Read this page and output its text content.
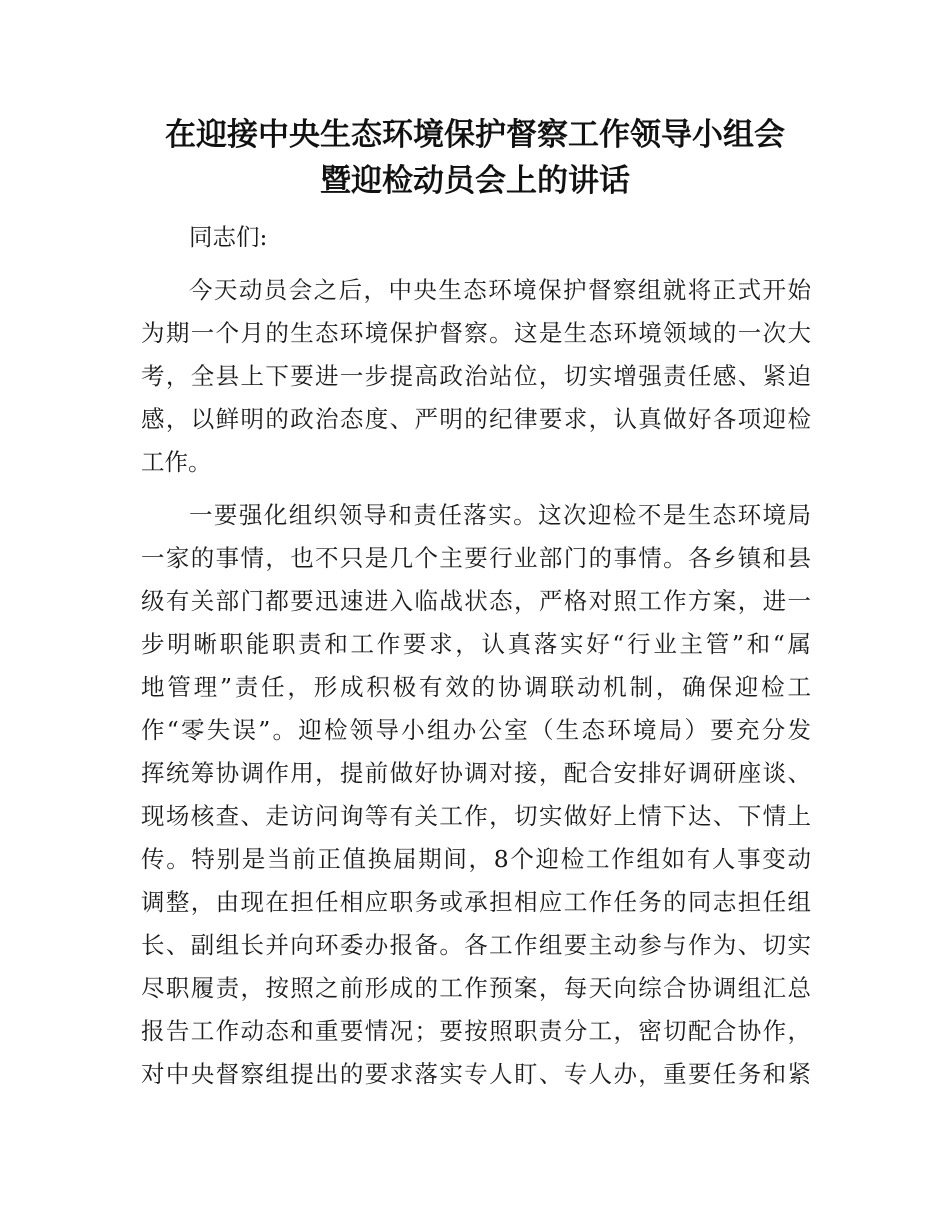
在迎接中央生态环境保护督察工作领导小组会
暨迎检动员会上的讲话
同志们:
今天动员会之后，中央生态环境保护督察组就将正式开始
为期一个月的生态环境保护督察。这是生态环境领域的一次大
考，全县上下要进一步提高政治站位，切实增强责任感、紧迫
感，以鲜明的政治态度、严明的纪律要求，认真做好各项迎检
工作。
一要强化组织领导和责任落实。这次迎检不是生态环境局
一家的事情，也不只是几个主要行业部门的事情。各乡镇和县
级有关部门都要迅速进入临战状态，严格对照工作方案，进一
步明晰职能职责和工作要求，认真落实好“行业主管”和“属
地管理”责任，形成积极有效的协调联动机制，确保迎检工
作“零失误”。迎检领导小组办公室（生态环境局）要充分发
挥统筹协调作用，提前做好协调对接，配合安排好调研座谈、
现场核查、走访问询等有关工作，切实做好上情下达、下情上
传。特别是当前正值换届期间，8个迎检工作组如有人事变动
调整，由现在担任相应职务或承担相应工作任务的同志担任组
长、副组长并向环委办报备。各工作组要主动参与作为、切实
尽职履责，按照之前形成的工作预案，每天向综合协调组汇总
报告工作动态和重要情况；要按照职责分工，密切配合协作，
对中央督察组提出的要求落实专人盯、专人办，重要任务和紧
